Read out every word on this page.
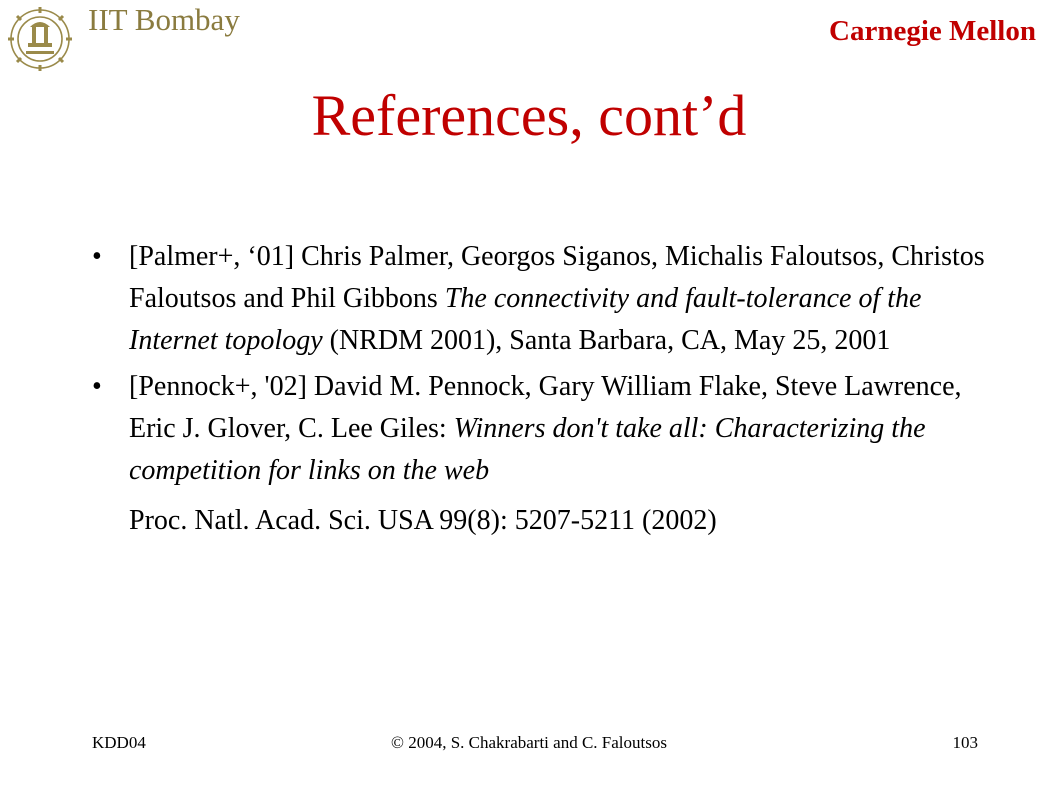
IIT Bombay	Carnegie Mellon
References, cont’d
• [Palmer+, ‘01] Chris Palmer, Georgos Siganos, Michalis Faloutsos, Christos Faloutsos and Phil Gibbons The connectivity and fault-tolerance of the Internet topology (NRDM 2001), Santa Barbara, CA, May 25, 2001
• [Pennock+, '02] David M. Pennock, Gary William Flake, Steve Lawrence, Eric J. Glover, C. Lee Giles: Winners don't take all: Characterizing the competition for links on the web
Proc. Natl. Acad. Sci. USA 99(8): 5207-5211 (2002)
KDD04	© 2004, S. Chakrabarti and C. Faloutsos	103
